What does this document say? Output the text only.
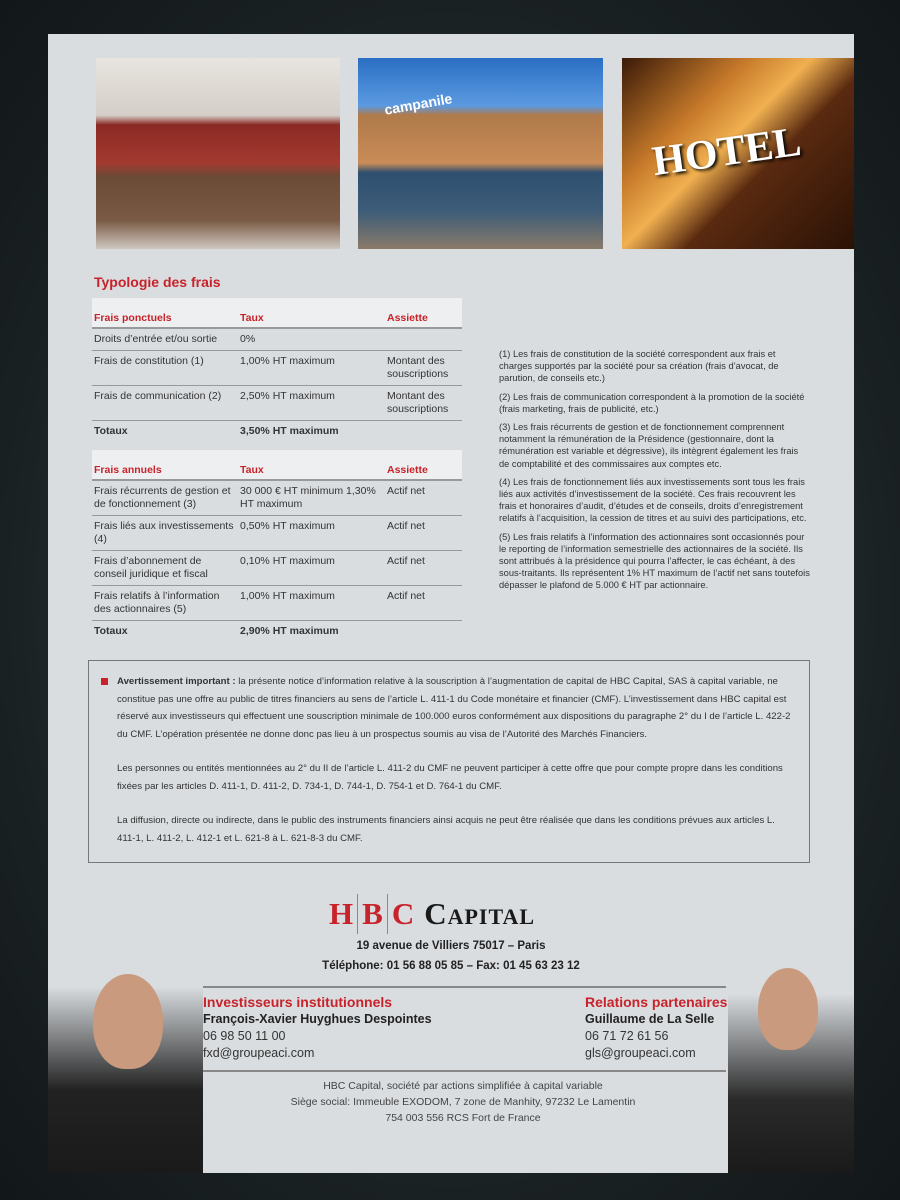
campanile
HOTEL
Typologie des frais
Frais ponctuels	Taux	Assiette
Droits d’entrée et/ou sortie	0%	
Frais de constitution (1)	1,00% HT maximum	Montant des souscriptions
Frais de communication (2)	2,50% HT maximum	Montant des souscriptions
Totaux	3,50% HT maximum	
Frais annuels	Taux	Assiette
Frais récurrents de gestion et de fonctionnement (3)	30 000 € HT minimum 1,30% HT maximum	Actif net
Frais liés aux investissements (4)	0,50% HT maximum	Actif net
Frais d’abonnement de conseil juridique et fiscal	0,10% HT maximum	Actif net
Frais relatifs à l’information des actionnaires (5)	1,00% HT maximum	Actif net
Totaux	2,90% HT maximum	

(1) Les frais de constitution de la société correspondent aux frais et charges supportés par la société pour sa création (frais d’avocat, de parution, de conseils etc.)

(2) Les frais de communication correspondent à la promotion de la société (frais marketing, frais de publicité, etc.)

(3) Les frais récurrents de gestion et de fonctionnement comprennent notamment la rémunération de la Présidence (gestionnaire, dont la rémunération est variable et dégressive), ils intègrent également les frais de comptabilité et des commissaires aux comptes etc.

(4) Les frais de fonctionnement liés aux investissements sont tous les frais liés aux activités d’investissement de la société. Ces frais recouvrent les frais et honoraires d’audit, d’études et de conseils, droits d’enregistrement relatifs à l’acquisition, la cession de titres et au suivi des participations, etc.

(5) Les frais relatifs à l’information des actionnaires sont occasionnés pour le reporting de l’information semestrielle des actionnaires de la société. Ils sont attribués à la présidence qui pourra l’affecter, le cas échéant, à des sous-traitants. Ils représentent 1% HT maximum de l’actif net sans toutefois dépasser le plafond de 5.000 € HT par actionnaire.

Avertissement important : la présente notice d’information relative à la souscription à l’augmentation de capital de HBC Capital, SAS à capital variable, ne constitue pas une offre au public de titres financiers au sens de l’article L. 411-1 du Code monétaire et financier (CMF). L’investissement dans HBC capital est réservé aux investisseurs qui effectuent une souscription minimale de 100.000 euros conformément aux dispositions du paragraphe 2° du I de l’article L. 422-2 du CMF. L’opération présentée ne donne donc pas lieu à un prospectus soumis au visa de l’Autorité des Marchés Financiers.

Les personnes ou entités mentionnées au 2° du II de l’article L. 411-2 du CMF ne peuvent participer à cette offre que pour compte propre dans les conditions fixées par les articles D. 411-1, D. 411-2, D. 734-1, D. 744-1, D. 754-1 et D. 764-1 du CMF.

La diffusion, directe ou indirecte, dans le public des instruments financiers ainsi acquis ne peut être réalisée que dans les conditions prévues aux articles L. 411-1, L. 411-2, L. 412-1 et L. 621-8 à L. 621-8-3 du CMF.

H B C Capital
19 avenue de Villiers 75017 – Paris
Téléphone: 01 56 88 05 85 – Fax: 01 45 63 23 12
Investisseurs institutionnels
François-Xavier Huyghues Despointes
06 98 50 11 00
fxd@groupeaci.com
Relations partenaires
Guillaume de La Selle
06 71 72 61 56
gls@groupeaci.com
HBC Capital, société par actions simplifiée à capital variable
Siège social: Immeuble EXODOM, 7 zone de Manhity, 97232 Le Lamentin
754 003 556 RCS Fort de France
